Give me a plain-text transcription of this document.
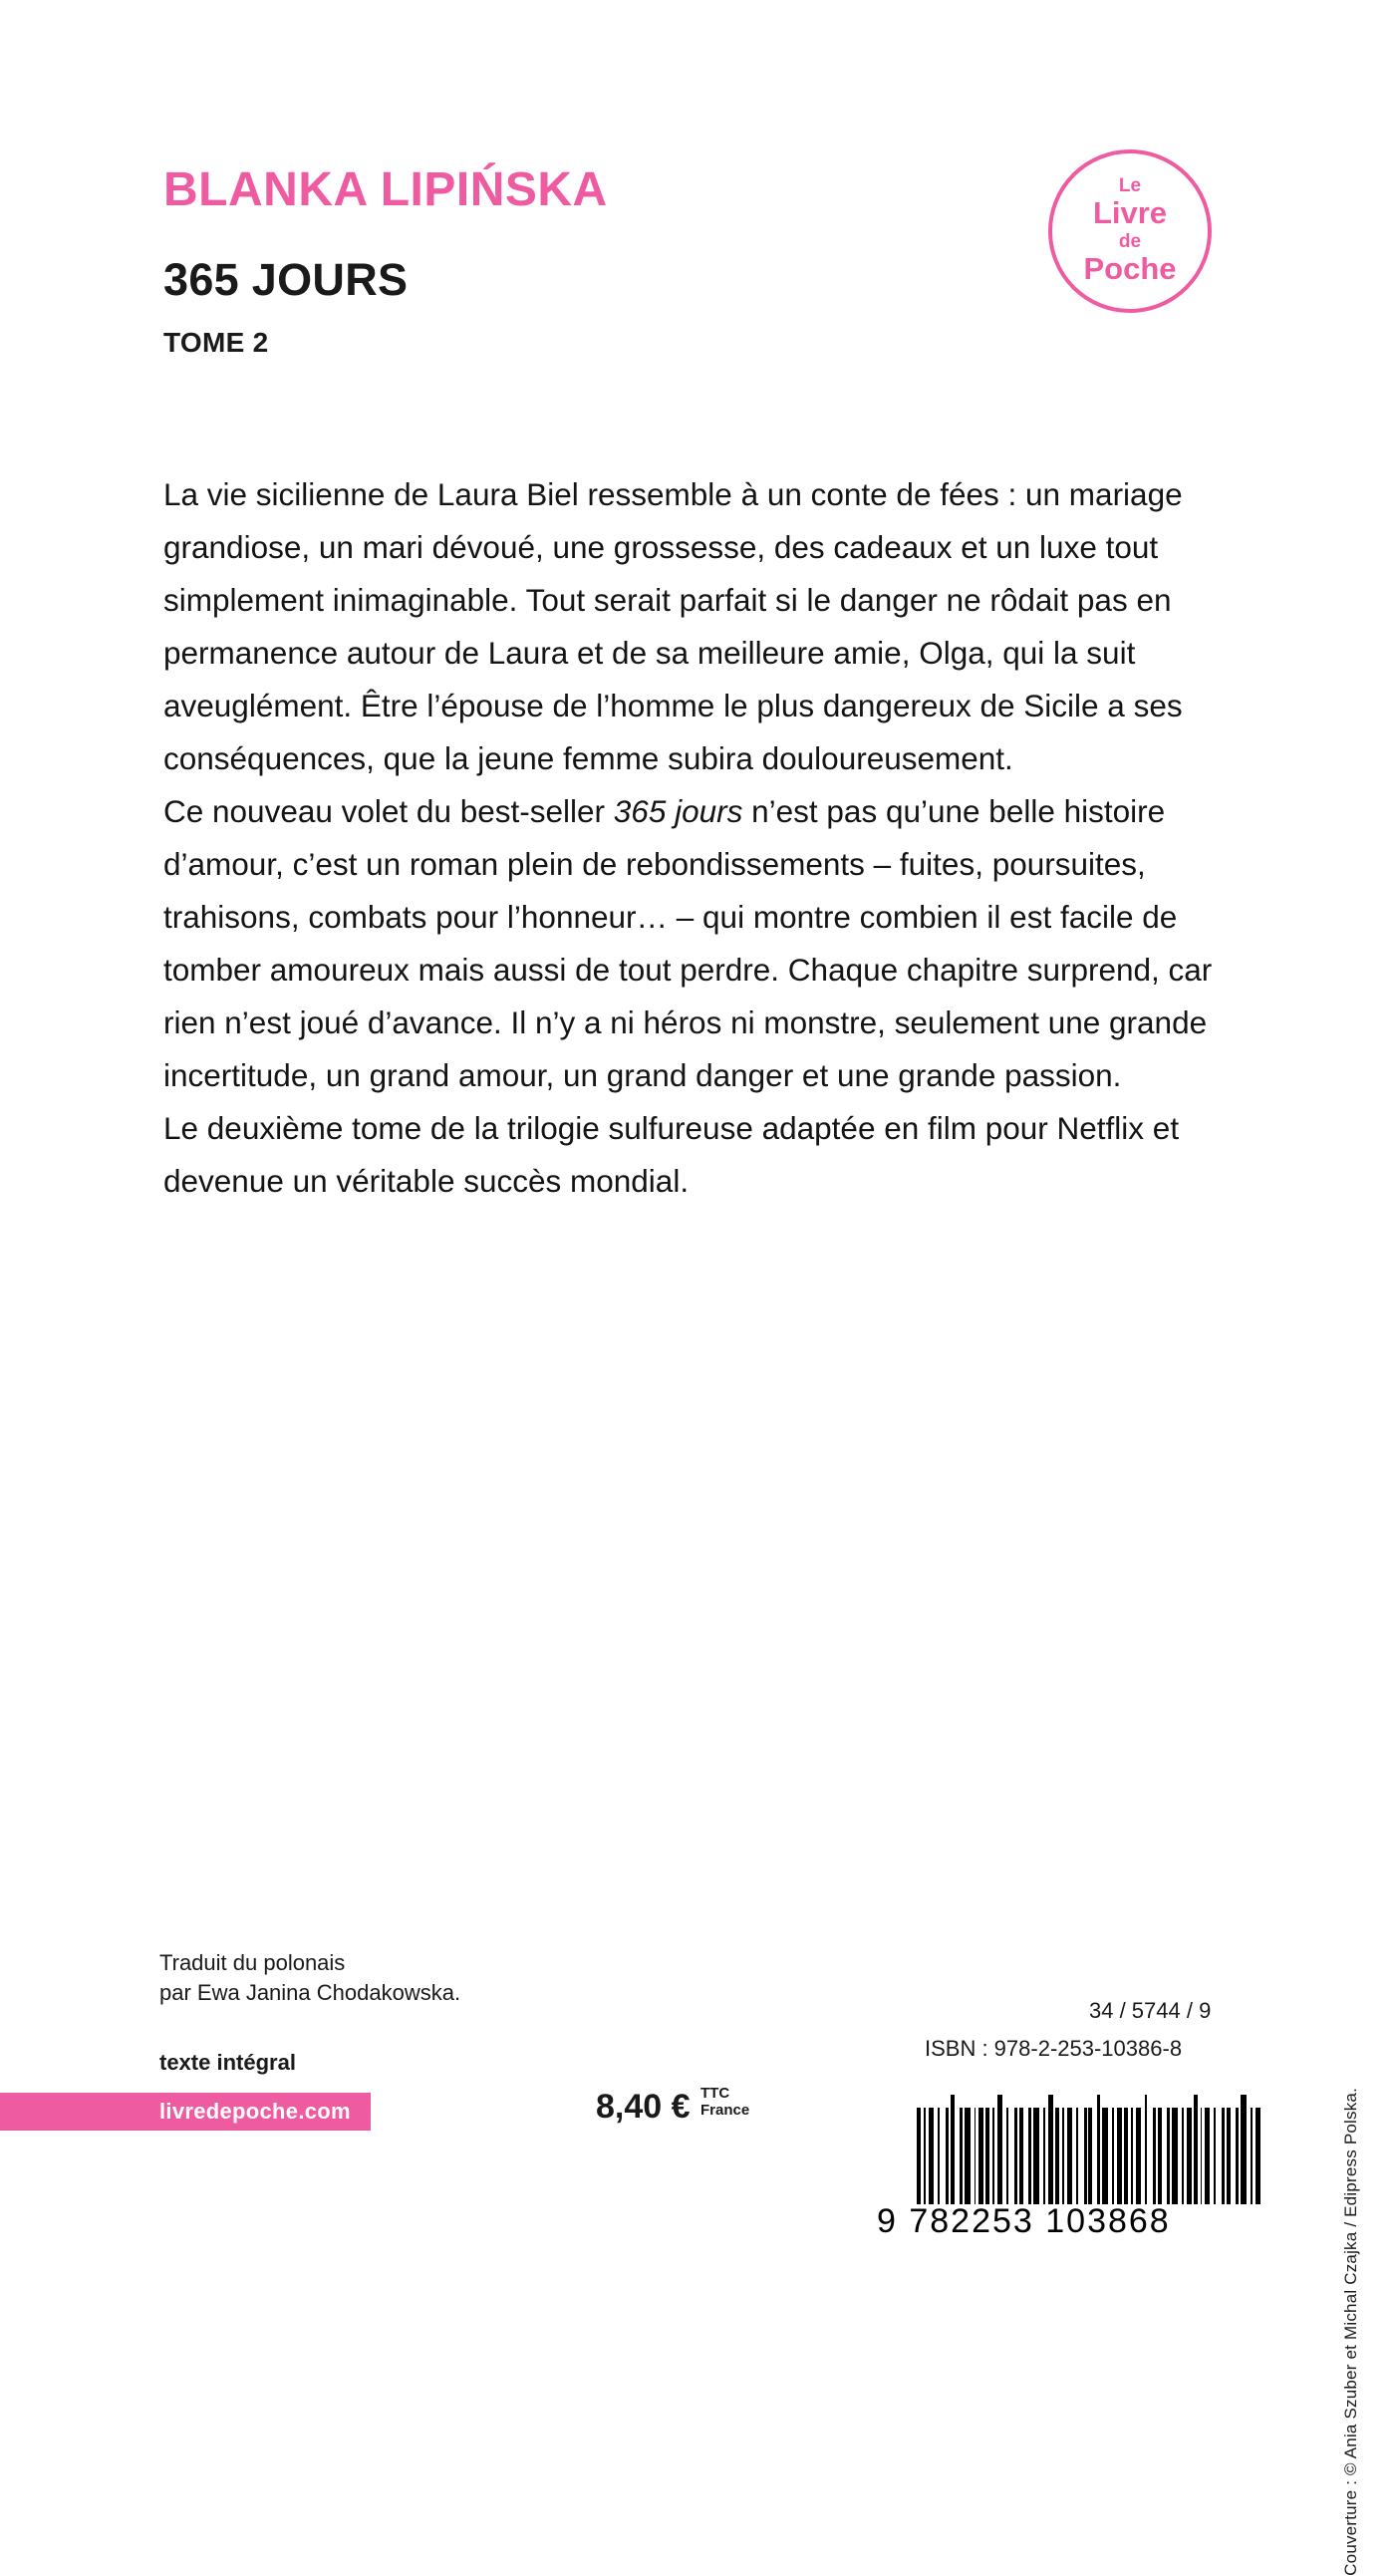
BLANKA LIPIŃSKA
365 JOURS
TOME 2
Le
Livre
de
Poche

La vie sicilienne de Laura Biel ressemble à un conte de fées : un mariage grandiose, un mari dévoué, une grossesse, des cadeaux et un luxe tout simplement inimaginable. Tout serait parfait si le danger ne rôdait pas en permanence autour de Laura et de sa meilleure amie, Olga, qui la suit aveuglément. Être l’épouse de l’homme le plus dangereux de Sicile a ses conséquences, que la jeune femme subira douloureusement.

Ce nouveau volet du best-seller 365 jours n’est pas qu’une belle histoire d’amour, c’est un roman plein de rebondissements – fuites, poursuites, trahisons, combats pour l’honneur… – qui montre combien il est facile de tomber amoureux mais aussi de tout perdre. Chaque chapitre surprend, car rien n’est joué d’avance. Il n’y a ni héros ni monstre, seulement une grande incertitude, un grand amour, un grand danger et une grande passion.

Le deuxième tome de la trilogie sulfureuse adaptée en film pour Netflix et devenue un véritable succès mondial.

Couverture : © Ania Szuber et Michal Czajka / Edipress Polska.
Traduit du polonais
par Ewa Janina Chodakowska.
texte intégral
livredepoche.com	8,40 € TTC
France
34 / 5744 / 9
ISBN : 978-2-253-10386-8
9 782253 103868
